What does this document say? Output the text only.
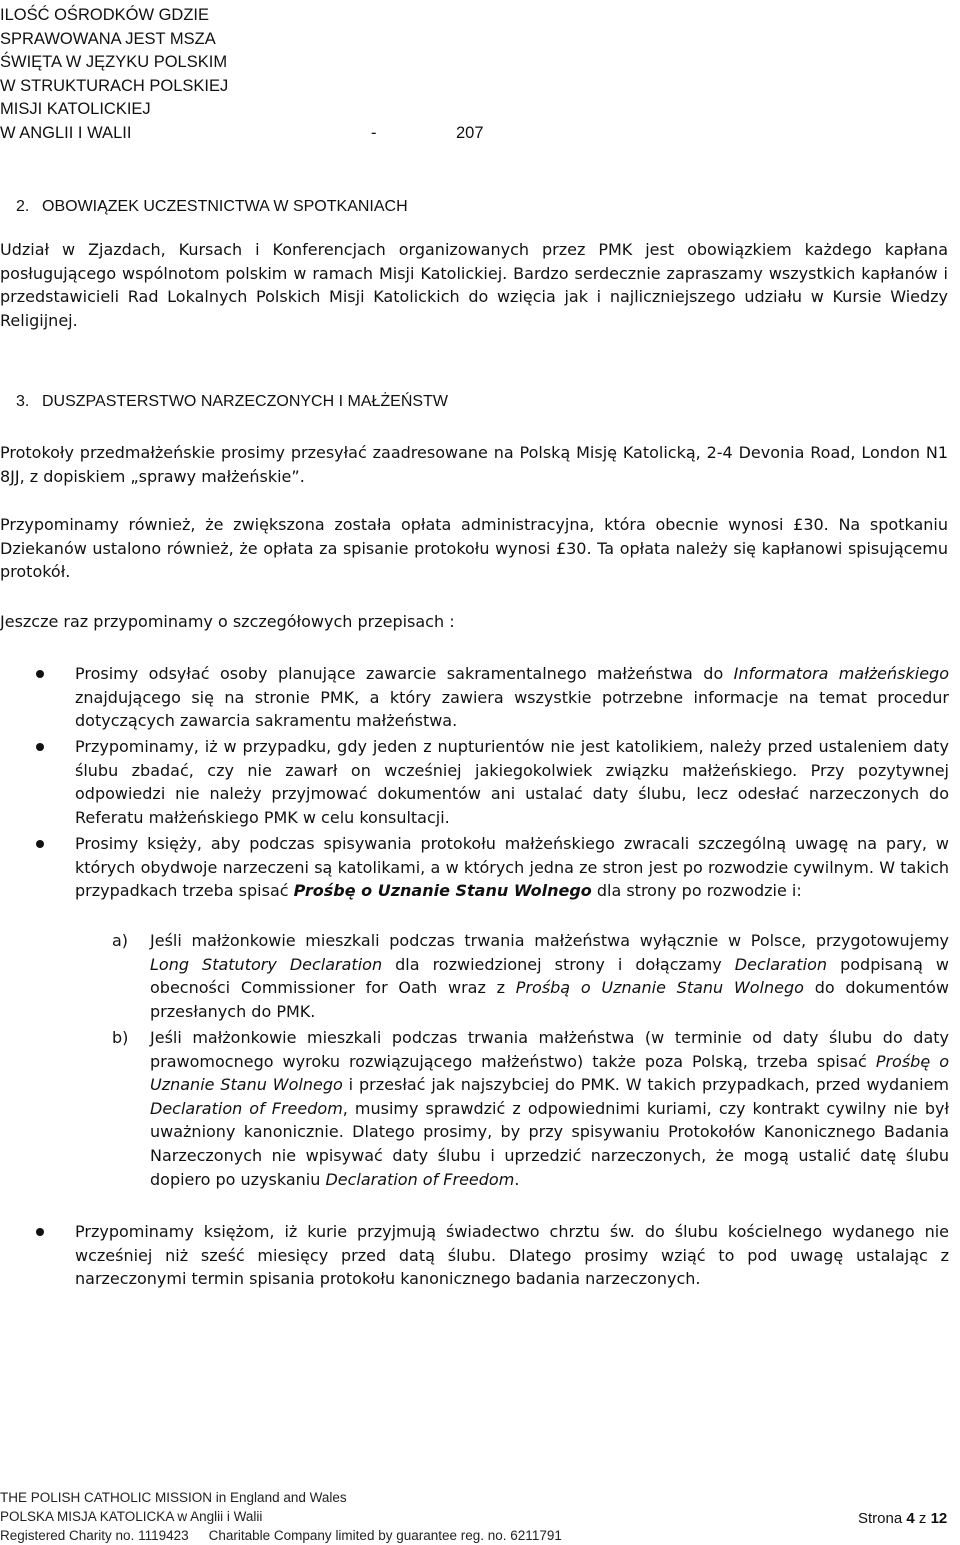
ILOŚĆ OŚRODKÓW GDZIE
SPRAWOWANA JEST MSZA
ŚWIĘTA W JĘZYKU POLSKIM
W STRUKTURACH POLSKIEJ
MISJI KATOLICKIEJ
W ANGLII I WALII	-	207
2. OBOWIĄZEK UCZESTNICTWA W SPOTKANIACH

Udział w Zjazdach, Kursach i Konferencjach organizowanych przez PMK jest obowiązkiem każdego kapłana posługującego wspólnotom polskim w ramach Misji Katolickiej. Bardzo serdecznie zapraszamy wszystkich kapłanów i przedstawicieli Rad Lokalnych Polskich Misji Katolickich do wzięcia jak i najliczniejszego udziału w Kursie Wiedzy Religijnej.

3. DUSZPASTERSTWO NARZECZONYCH I MAŁŻEŃSTW

Protokoły przedmałżeńskie prosimy przesyłać zaadresowane na Polską Misję Katolicką, 2-4 Devonia Road, London N1 8JJ, z dopiskiem „sprawy małżeńskie”.

Przypominamy również, że zwiększona została opłata administracyjna, która obecnie wynosi £30. Na spotkaniu Dziekanów ustalono również, że opłata za spisanie protokołu wynosi £30. Ta opłata należy się kapłanowi spisującemu protokół.

Jeszcze raz przypominamy o szczegółowych przepisach :

Prosimy odsyłać osoby planujące zawarcie sakramentalnego małżeństwa do Informatora małżeńskiego znajdującego się na stronie PMK, a który zawiera wszystkie potrzebne informacje na temat procedur dotyczących zawarcia sakramentu małżeństwa.
Przypominamy, iż w przypadku, gdy jeden z nupturientów nie jest katolikiem, należy przed ustaleniem daty ślubu zbadać, czy nie zawarł on wcześniej jakiegokolwiek związku małżeńskiego. Przy pozytywnej odpowiedzi nie należy przyjmować dokumentów ani ustalać daty ślubu, lecz odesłać narzeczonych do Referatu małżeńskiego PMK w celu konsultacji.
Prosimy księży, aby podczas spisywania protokołu małżeńskiego zwracali szczególną uwagę na pary, w których obydwoje narzeczeni są katolikami, a w których jedna ze stron jest po rozwodzie cywilnym. W takich przypadkach trzeba spisać Prośbę o Uznanie Stanu Wolnego dla strony po rozwodzie i:
a) Jeśli małżonkowie mieszkali podczas trwania małżeństwa wyłącznie w Polsce, przygotowujemy Long Statutory Declaration dla rozwiedzionej strony i dołączamy Declaration podpisaną w obecności Commissioner for Oath wraz z Prośbą o Uznanie Stanu Wolnego do dokumentów przesłanych do PMK.
b) Jeśli małżonkowie mieszkali podczas trwania małżeństwa (w terminie od daty ślubu do daty prawomocnego wyroku rozwiązującego małżeństwo) także poza Polską, trzeba spisać Prośbę o Uznanie Stanu Wolnego i przesłać jak najszybciej do PMK. W takich przypadkach, przed wydaniem Declaration of Freedom, musimy sprawdzić z odpowiednimi kuriami, czy kontrakt cywilny nie był uważniony kanonicznie. Dlatego prosimy, by przy spisywaniu Protokołów Kanonicznego Badania Narzeczonych nie wpisywać daty ślubu i uprzedzić narzeczonych, że mogą ustalić datę ślubu dopiero po uzyskaniu Declaration of Freedom.
Przypominamy księżom, iż kurie przyjmują świadectwo chrztu św. do ślubu kościelnego wydanego nie wcześniej niż sześć miesięcy przed datą ślubu. Dlatego prosimy wziąć to pod uwagę ustalając z narzeczonymi termin spisania protokołu kanonicznego badania narzeczonych.
THE POLISH CATHOLIC MISSION in England and Wales
POLSKA MISJA KATOLICKA w Anglii i Walii
Registered Charity no. 1119423 Charitable Company limited by guarantee reg. no. 6211791
Strona 4 z 12
